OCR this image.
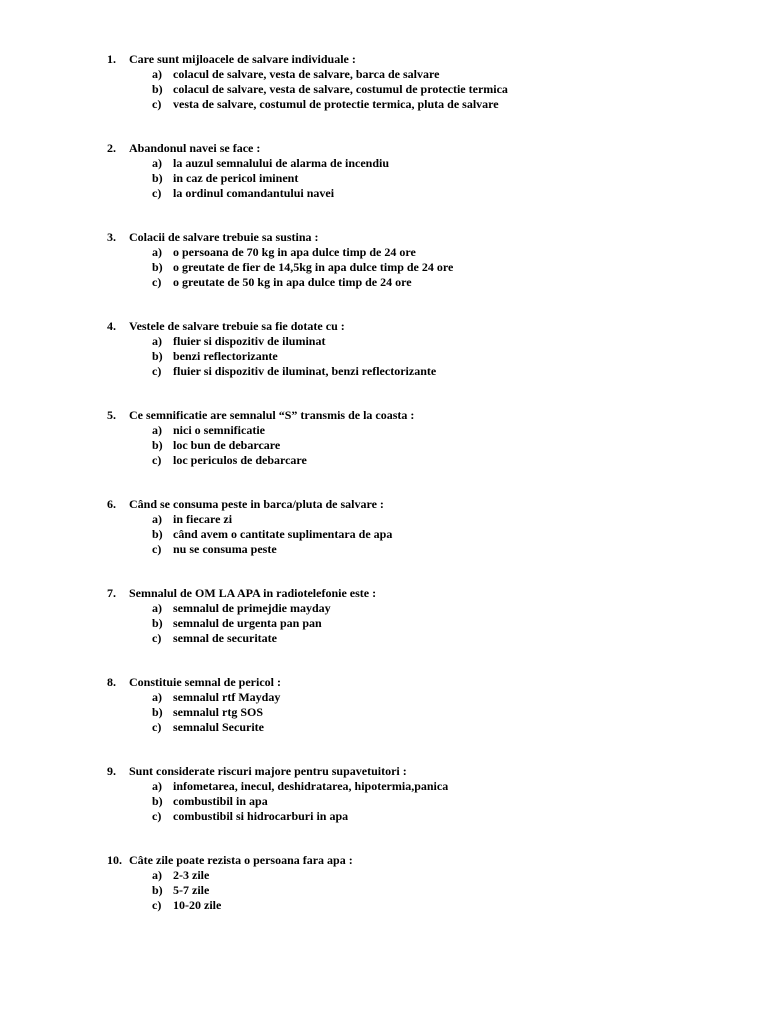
1. Care sunt mijloacele de salvare individuale :
a) colacul de salvare, vesta de salvare, barca de salvare
b) colacul de salvare, vesta de salvare, costumul de protectie termica
c) vesta de salvare, costumul de protectie termica, pluta de salvare
2. Abandonul navei se face :
a) la auzul semnalului de alarma de incendiu
b) in caz de pericol iminent
c) la ordinul comandantului navei
3. Colacii de salvare trebuie sa sustina :
a) o persoana de 70 kg in apa dulce timp de 24 ore
b) o greutate de fier de 14,5kg in apa dulce timp de 24 ore
c) o greutate de 50 kg in apa dulce timp de 24 ore
4. Vestele de salvare trebuie sa fie dotate cu :
a) fluier si dispozitiv de iluminat
b) benzi reflectorizante
c) fluier si dispozitiv de iluminat, benzi reflectorizante
5. Ce semnificatie are semnalul “S” transmis de la coasta :
a) nici o semnificatie
b) loc bun de debarcare
c) loc periculos de debarcare
6. Când se consuma peste in barca/pluta de salvare :
a) in fiecare zi
b) când avem o cantitate suplimentara de apa
c) nu se consuma peste
7. Semnalul de OM LA APA in radiotelefonie este :
a) semnalul de primejdie mayday
b) semnalul de urgenta pan pan
c) semnal de securitate
8. Constituie semnal de pericol :
a) semnalul rtf Mayday
b) semnalul rtg SOS
c) semnalul Securite
9. Sunt considerate riscuri majore pentru supavetuitori :
a) infometarea, inecul, deshidratarea, hipotermia,panica
b) combustibil in apa
c) combustibil si hidrocarburi in apa
10. Câte zile poate rezista o persoana fara apa :
a) 2-3 zile
b) 5-7 zile
c) 10-20 zile
